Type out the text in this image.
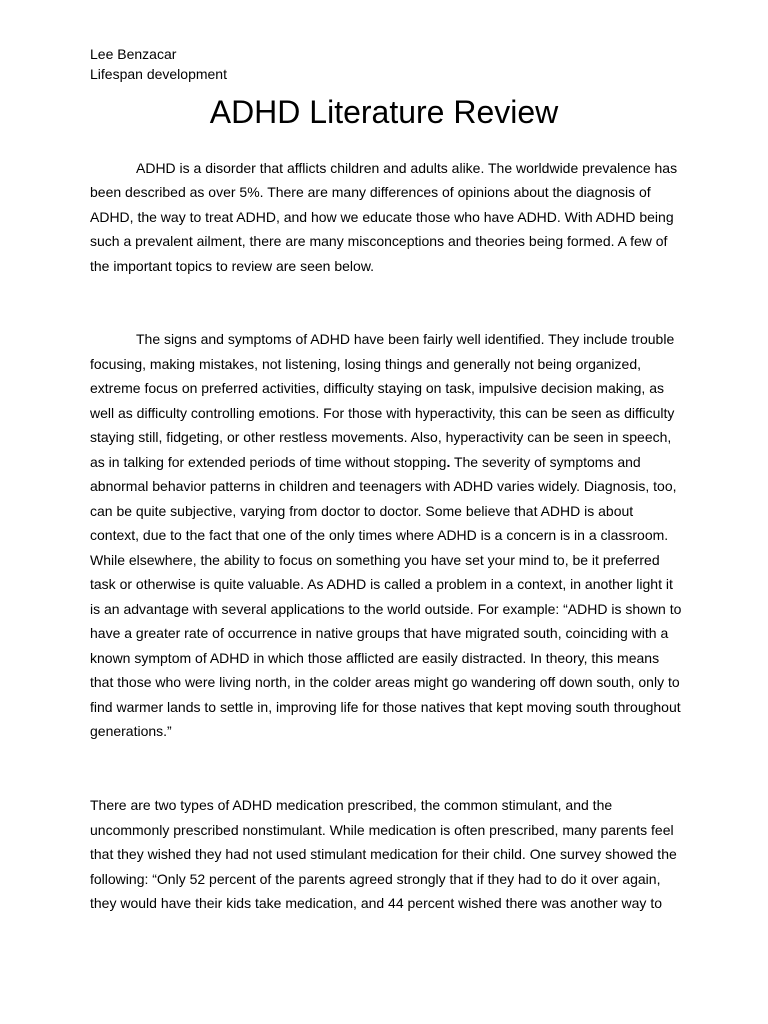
Lee Benzacar
Lifespan development
ADHD Literature Review
ADHD is a disorder that afflicts children and adults alike. The worldwide prevalence has
been described as over 5%. There are many differences of opinions about the diagnosis of
ADHD, the way to treat ADHD, and how we educate those who have ADHD. With ADHD being
such a prevalent ailment, there are many misconceptions and theories being formed. A few of
the important topics to review are seen below.
The signs and symptoms of ADHD have been fairly well identified. They include trouble
focusing, making mistakes, not listening, losing things and generally not being organized,
extreme focus on preferred activities, difficulty staying on task, impulsive decision making, as
well as difficulty controlling emotions. For those with hyperactivity, this can be seen as difficulty
staying still, fidgeting, or other restless movements. Also, hyperactivity can be seen in speech,
as in talking for extended periods of time without stopping. The severity of symptoms and
abnormal behavior patterns in children and teenagers with ADHD varies widely. Diagnosis, too,
can be quite subjective, varying from doctor to doctor. Some believe that ADHD is about
context, due to the fact that one of the only times where ADHD is a concern is in a classroom.
While elsewhere, the ability to focus on something you have set your mind to, be it preferred
task or otherwise is quite valuable. As ADHD is called a problem in a context, in another light it
is an advantage with several applications to the world outside. For example: “ADHD is shown to
have a greater rate of occurrence in native groups that have migrated south, coinciding with a
known symptom of ADHD in which those afflicted are easily distracted. In theory, this means
that those who were living north, in the colder areas might go wandering off down south, only to
find warmer lands to settle in, improving life for those natives that kept moving south throughout
generations.”
There are two types of ADHD medication prescribed, the common stimulant, and the
uncommonly prescribed nonstimulant. While medication is often prescribed, many parents feel
that they wished they had not used stimulant medication for their child. One survey showed the
following: “Only 52 percent of the parents agreed strongly that if they had to do it over again,
they would have their kids take medication, and 44 percent wished there was another way to
